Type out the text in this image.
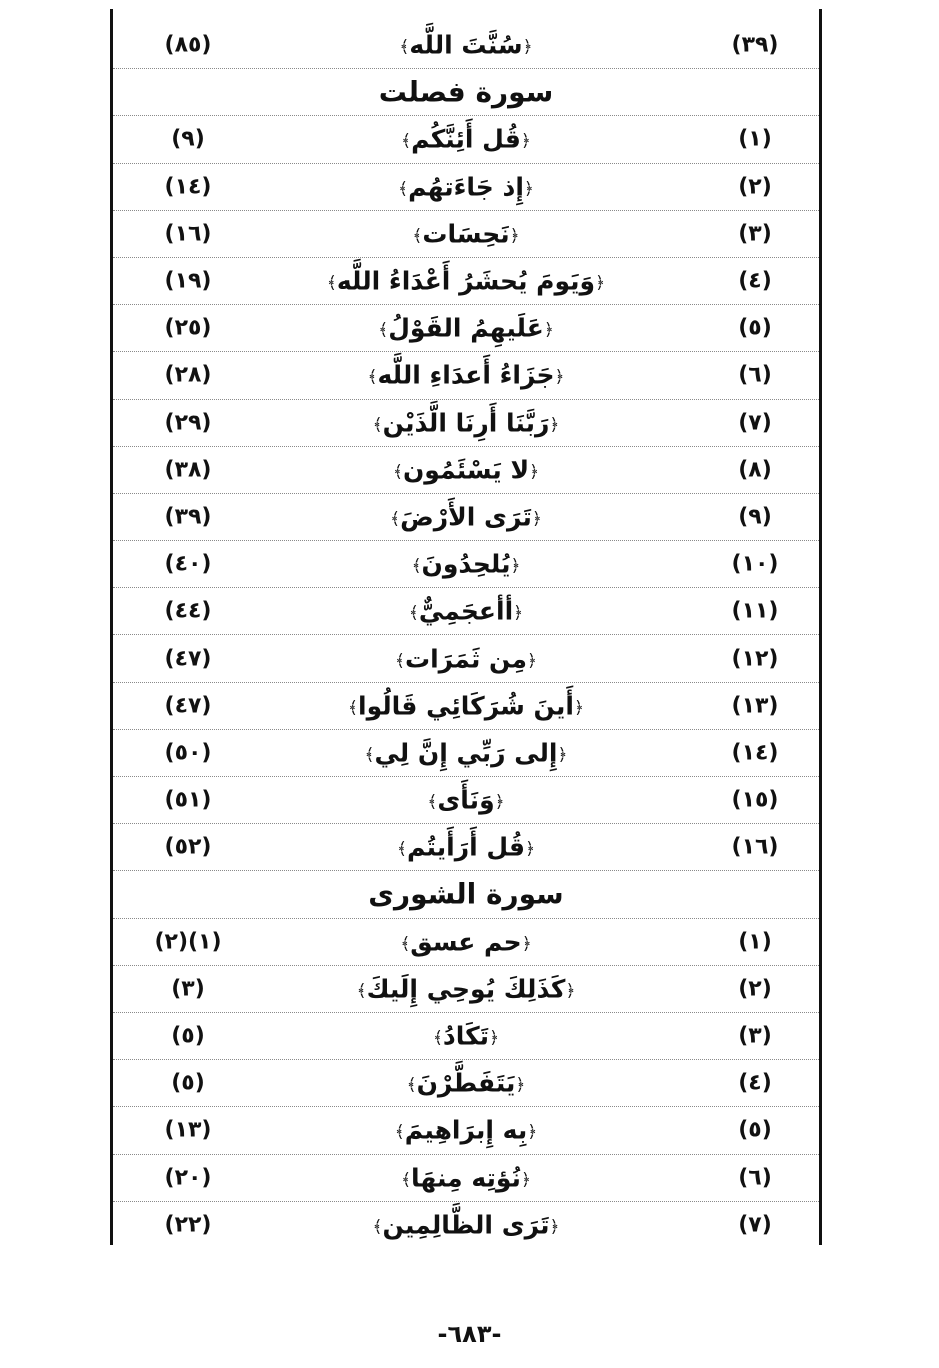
(٣٩)
﴿سُنَّتَ اللَّه﴾
(٨٥)
سورة فصلت
(١)
﴿قُل أَئِنَّكُم﴾
(٩)
(٢)
﴿إِذ جَاءَتهُم﴾
(١٤)
(٣)
﴿نَحِسَات﴾
(١٦)
(٤)
﴿وَيَومَ يُحشَرُ أَعْدَاءُ اللَّه﴾
(١٩)
(٥)
﴿عَلَيهِمُ القَوْلُ﴾
(٢٥)
(٦)
﴿جَزَاءُ أَعدَاءِ اللَّه﴾
(٢٨)
(٧)
﴿رَبَّنَا أَرِنَا الَّذَيْن﴾
(٢٩)
(٨)
﴿لا يَسْئَمُون﴾
(٣٨)
(٩)
﴿تَرَى الأَرْضَ﴾
(٣٩)
(١٠)
﴿يُلحِدُونَ﴾
(٤٠)
(١١)
﴿أأعجَمِيٌّ﴾
(٤٤)
(١٢)
﴿مِن ثَمَرَات﴾
(٤٧)
(١٣)
﴿أَينَ شُرَكَائِي قَالُوا﴾
(٤٧)
(١٤)
﴿إِلى رَبِّي إِنَّ لِي﴾
(٥٠)
(١٥)
﴿وَنَأَى﴾
(٥١)
(١٦)
﴿قُل أَرَأَيتُم﴾
(٥٢)
سورة الشورى
(١)
﴿حم عسق﴾
(١)(٢)
(٢)
﴿كَذَلِكَ يُوحِي إِلَيكَ﴾
(٣)
(٣)
﴿تَكَادُ﴾
(٥)
(٤)
﴿يَتَفَطَّرْنَ﴾
(٥)
(٥)
﴿بِه إِبرَاهِيمَ﴾
(١٣)
(٦)
﴿نُؤتِه مِنهَا﴾
(٢٠)
(٧)
﴿تَرَى الظَّالِمِين﴾
(٢٢)
-٦٨٣-
